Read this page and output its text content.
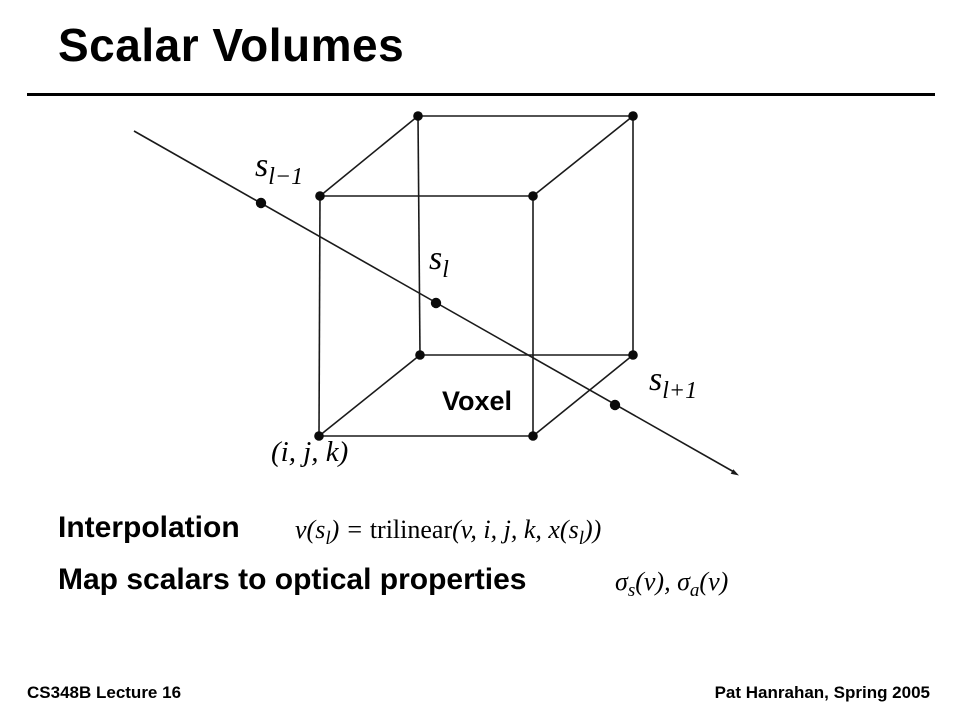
Scalar Volumes
$s_{l-1}$
$s_l$
$s_{l+1}$
Voxel
(i, j, k)
Interpolation $v(s_l)$ = trilinear(v, i, j, k, $x(s_l)$)
Map scalars to optical properties	$\sigma_s(v)$, $\sigma_a(v)$
CS348B Lecture 16	Pat Hanrahan, Spring 2005
